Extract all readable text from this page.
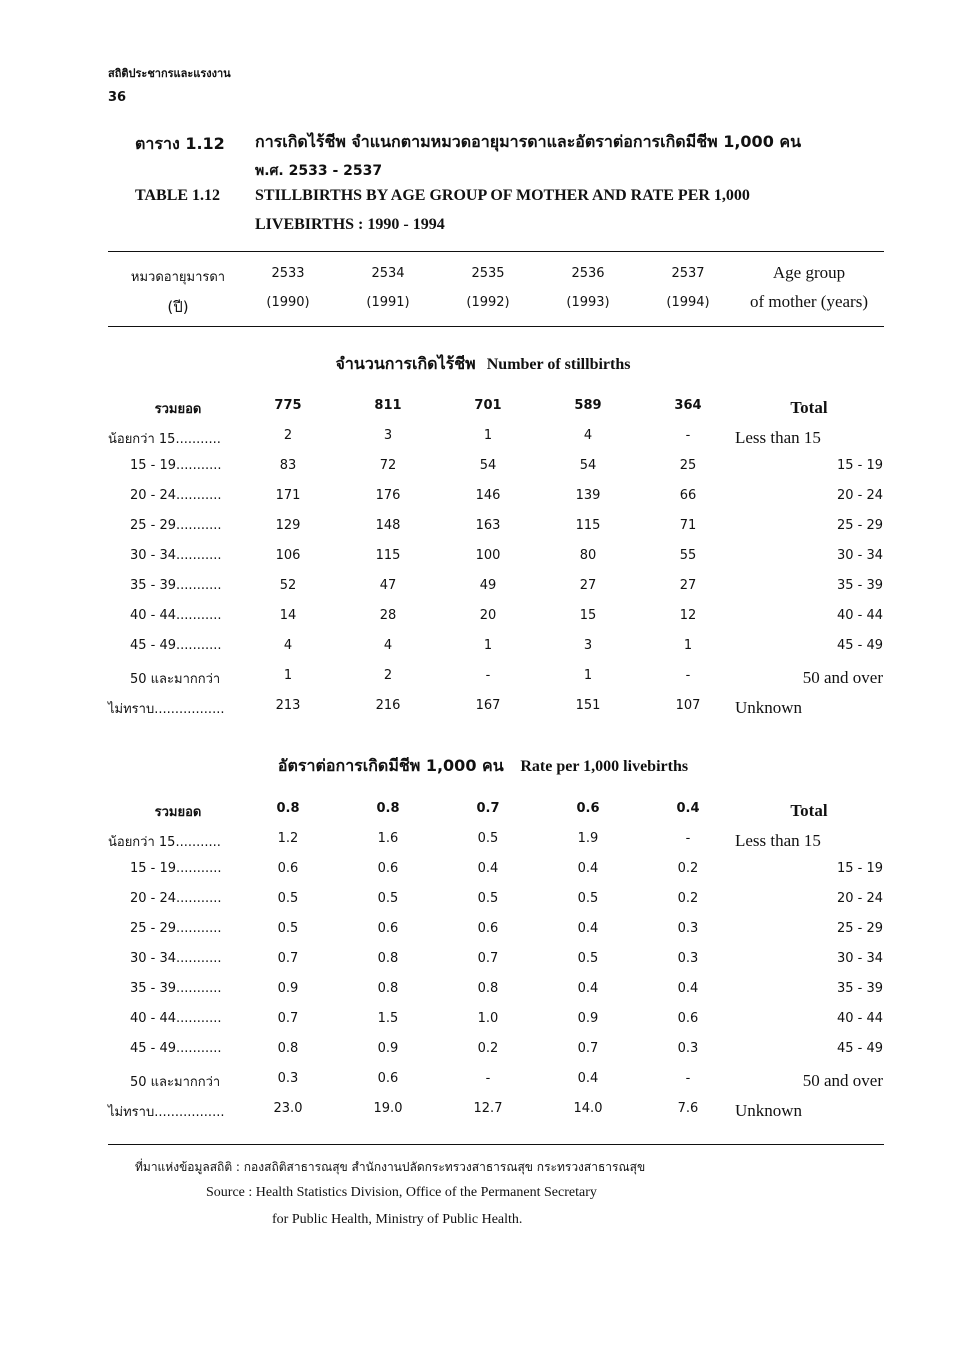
สถิติประชากรและแรงงาน
36
ตาราง 1.12 การเกิดไร้ชีพ จำแนกตามหมวดอายุมารดาและอัตราต่อการเกิดมีชีพ 1,000 คน
พ.ศ. 2533 - 2537
TABLE 1.12 STILLBIRTHS BY AGE GROUP OF MOTHER AND RATE PER 1,000
LIVEBIRTHS : 1990 - 1994
หมวดอายุมารดา
(ปี)
2533	2534	2535	2536	2537
(1990)	(1991)	(1992)	(1993)	(1994)
Age group
of mother (years)
จำนวนการเกิดไร้ชีพ Number of stillbirths
รวมยอด	775	811	701	589	364	Total
น้อยกว่า 15...........	2	3	1	4	-	Less than 15
15 - 19...........	83	72	54	54	25	15 - 19
20 - 24...........	171	176	146	139	66	20 - 24
25 - 29...........	129	148	163	115	71	25 - 29
30 - 34...........	106	115	100	80	55	30 - 34
35 - 39...........	52	47	49	27	27	35 - 39
40 - 44...........	14	28	20	15	12	40 - 44
45 - 49...........	4	4	1	3	1	45 - 49
50 และมากกว่า	1	2	-	1	-	50 and over
ไม่ทราบ.................	213	216	167	151	107	Unknown
อัตราต่อการเกิดมีชีพ 1,000 คน Rate per 1,000 livebirths
รวมยอด	0.8	0.8	0.7	0.6	0.4	Total
น้อยกว่า 15...........	1.2	1.6	0.5	1.9	-	Less than 15
15 - 19...........	0.6	0.6	0.4	0.4	0.2	15 - 19
20 - 24...........	0.5	0.5	0.5	0.5	0.2	20 - 24
25 - 29...........	0.5	0.6	0.6	0.4	0.3	25 - 29
30 - 34...........	0.7	0.8	0.7	0.5	0.3	30 - 34
35 - 39...........	0.9	0.8	0.8	0.4	0.4	35 - 39
40 - 44...........	0.7	1.5	1.0	0.9	0.6	40 - 44
45 - 49...........	0.8	0.9	0.2	0.7	0.3	45 - 49
50 และมากกว่า	0.3	0.6	-	0.4	-	50 and over
ไม่ทราบ.................	23.0	19.0	12.7	14.0	7.6	Unknown
ที่มาแห่งข้อมูลสถิติ : กองสถิติสาธารณสุข สำนักงานปลัดกระทรวงสาธารณสุข กระทรวงสาธารณสุข
Source : Health Statistics Division, Office of the Permanent Secretary
for Public Health, Ministry of Public Health.
